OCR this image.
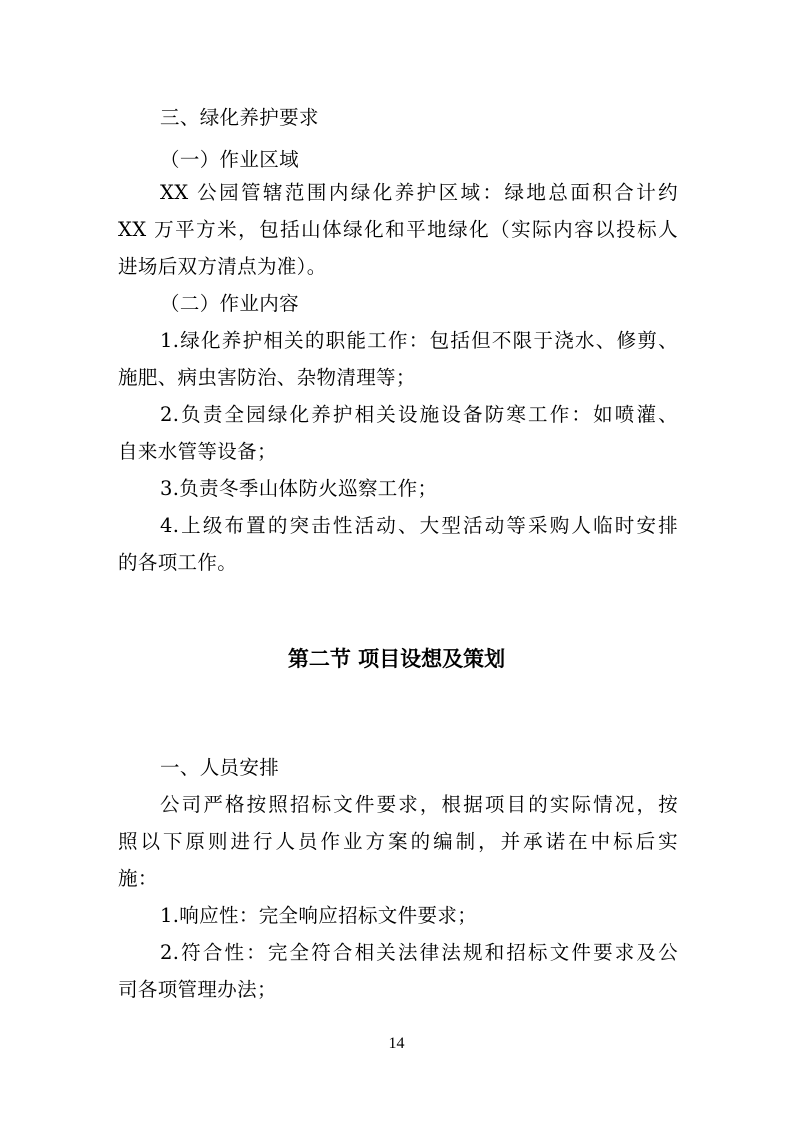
三、绿化养护要求
（一）作业区域
XX 公园管辖范围内绿化养护区域：绿地总面积合计约
XX 万平方米，包括山体绿化和平地绿化（实际内容以投标人
进场后双方清点为准）。
（二）作业内容
1.绿化养护相关的职能工作：包括但不限于浇水、修剪、
施肥、病虫害防治、杂物清理等；
2.负责全园绿化养护相关设施设备防寒工作：如喷灌、
自来水管等设备；
3.负责冬季山体防火巡察工作；
4.上级布置的突击性活动、大型活动等采购人临时安排
的各项工作。
第二节 项目设想及策划
一、人员安排
公司严格按照招标文件要求，根据项目的实际情况，按
照以下原则进行人员作业方案的编制，并承诺在中标后实
施：
1.响应性：完全响应招标文件要求；
2.符合性：完全符合相关法律法规和招标文件要求及公
司各项管理办法；
14
